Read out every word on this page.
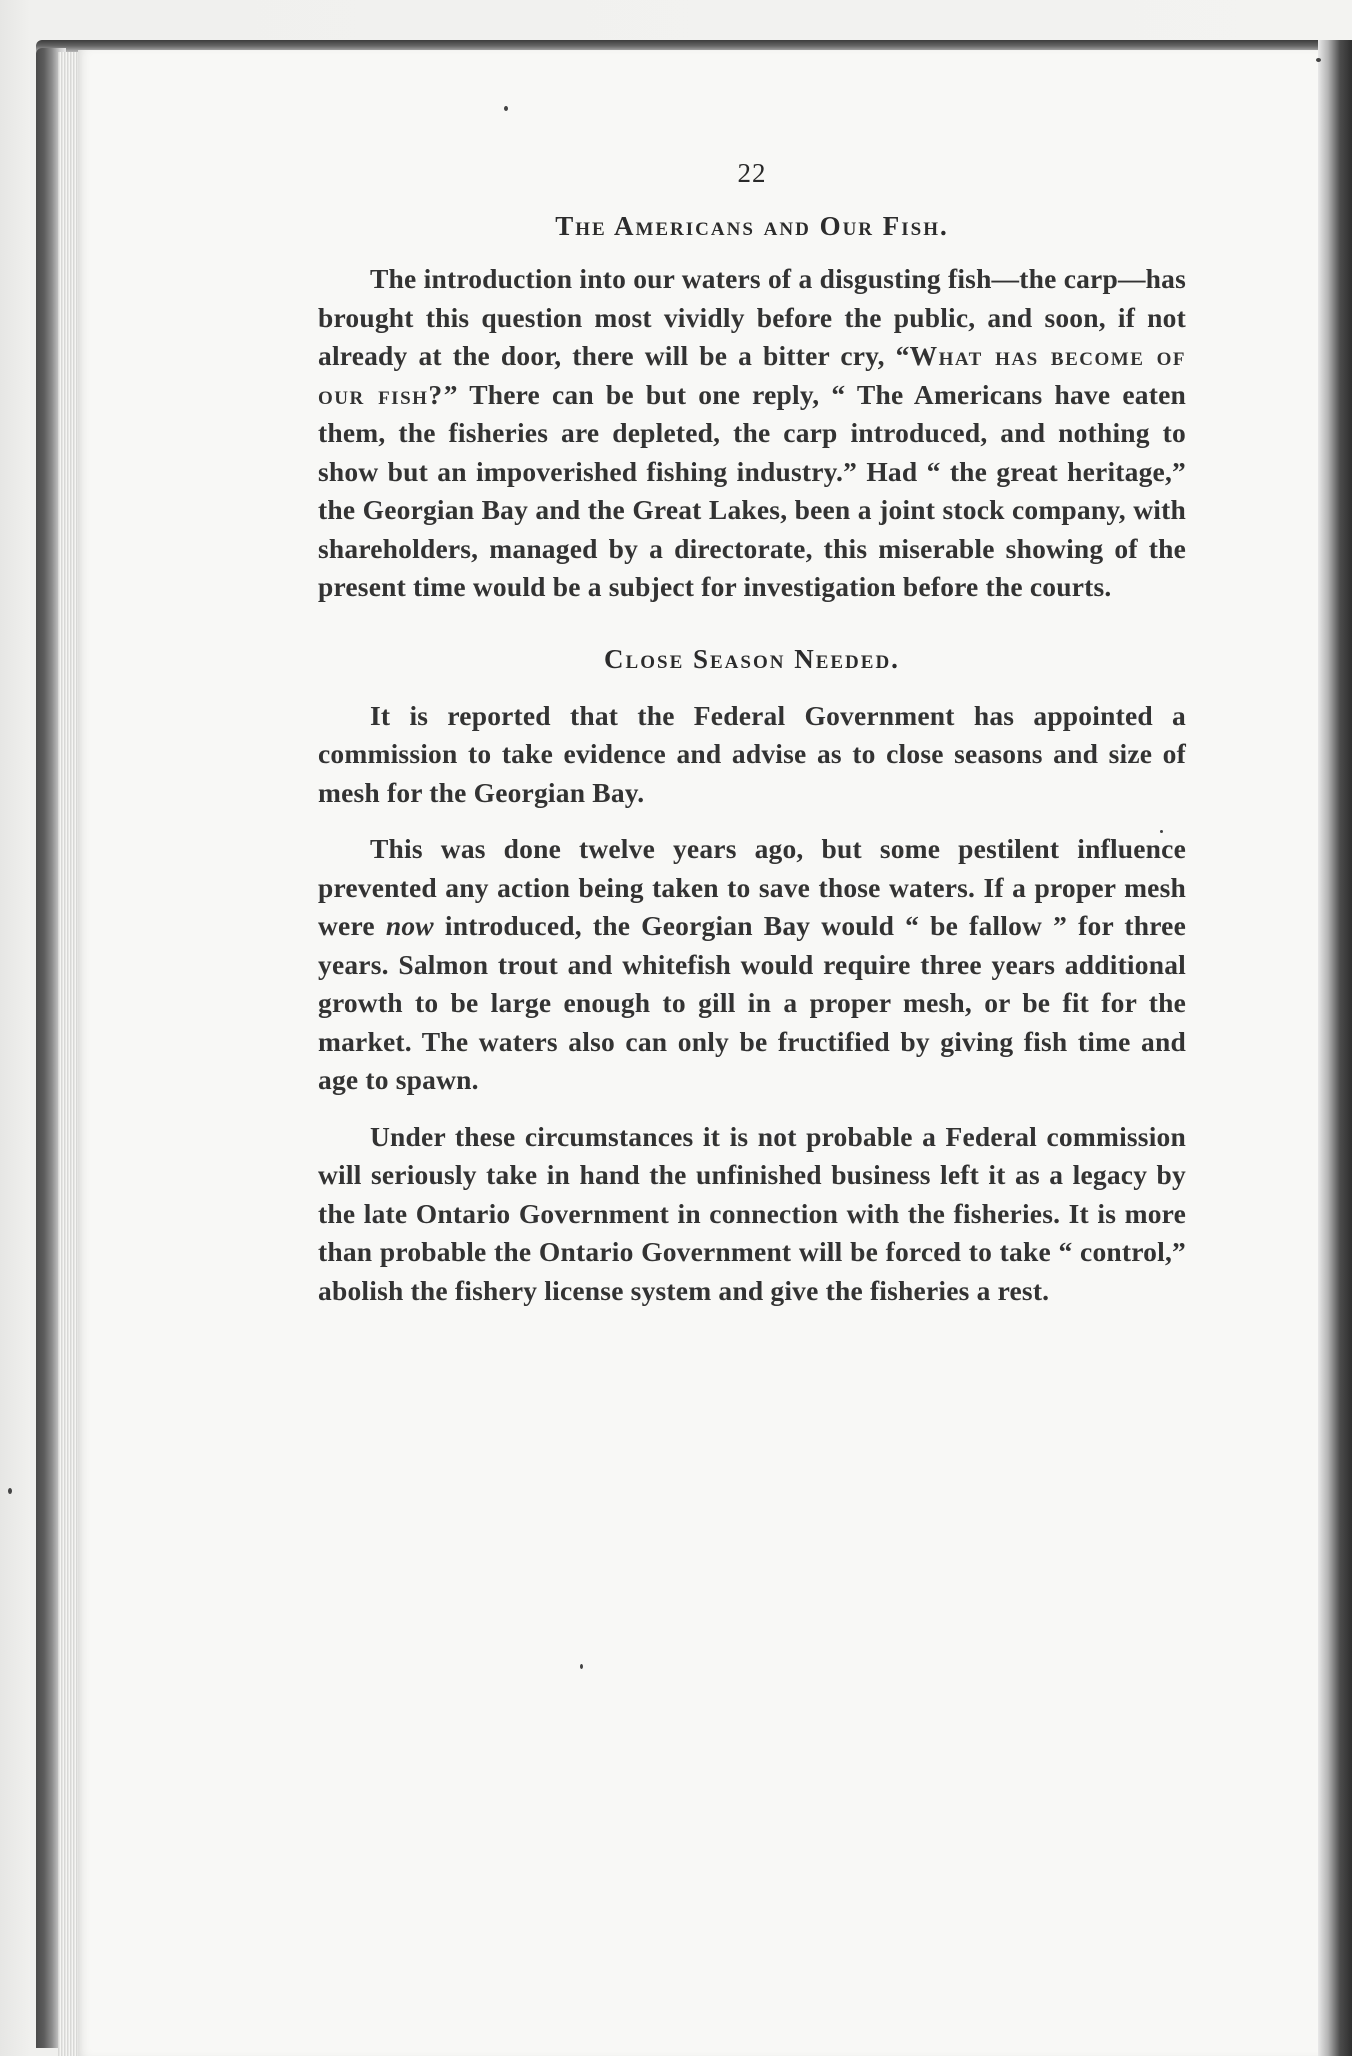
22

The Americans and Our Fish.

The introduction into our waters of a disgusting fish—the carp—has brought this question most vividly before the public, and soon, if not already at the door, there will be a bitter cry, “What has become of our fish?” There can be but one reply, “ The Americans have eaten them, the fisheries are depleted, the carp introduced, and nothing to show but an impoverished fishing industry.” Had “ the great heritage,” the Georgian Bay and the Great Lakes, been a joint stock company, with shareholders, managed by a directorate, this miserable showing of the present time would be a subject for investigation before the courts.

Close Season Needed.

It is reported that the Federal Government has appointed a commission to take evidence and advise as to close seasons and size of mesh for the Georgian Bay.

This was done twelve years ago, but some pestilent influence prevented any action being taken to save those waters. If a proper mesh were now introduced, the Georgian Bay would “ be fallow ” for three years. Salmon trout and whitefish would require three years additional growth to be large enough to gill in a proper mesh, or be fit for the market. The waters also can only be fructified by giving fish time and age to spawn.

Under these circumstances it is not probable a Federal commission will seriously take in hand the unfinished business left it as a legacy by the late Ontario Government in connection with the fisheries. It is more than probable the Ontario Government will be forced to take “ control,” abolish the fishery license system and give the fisheries a rest.
